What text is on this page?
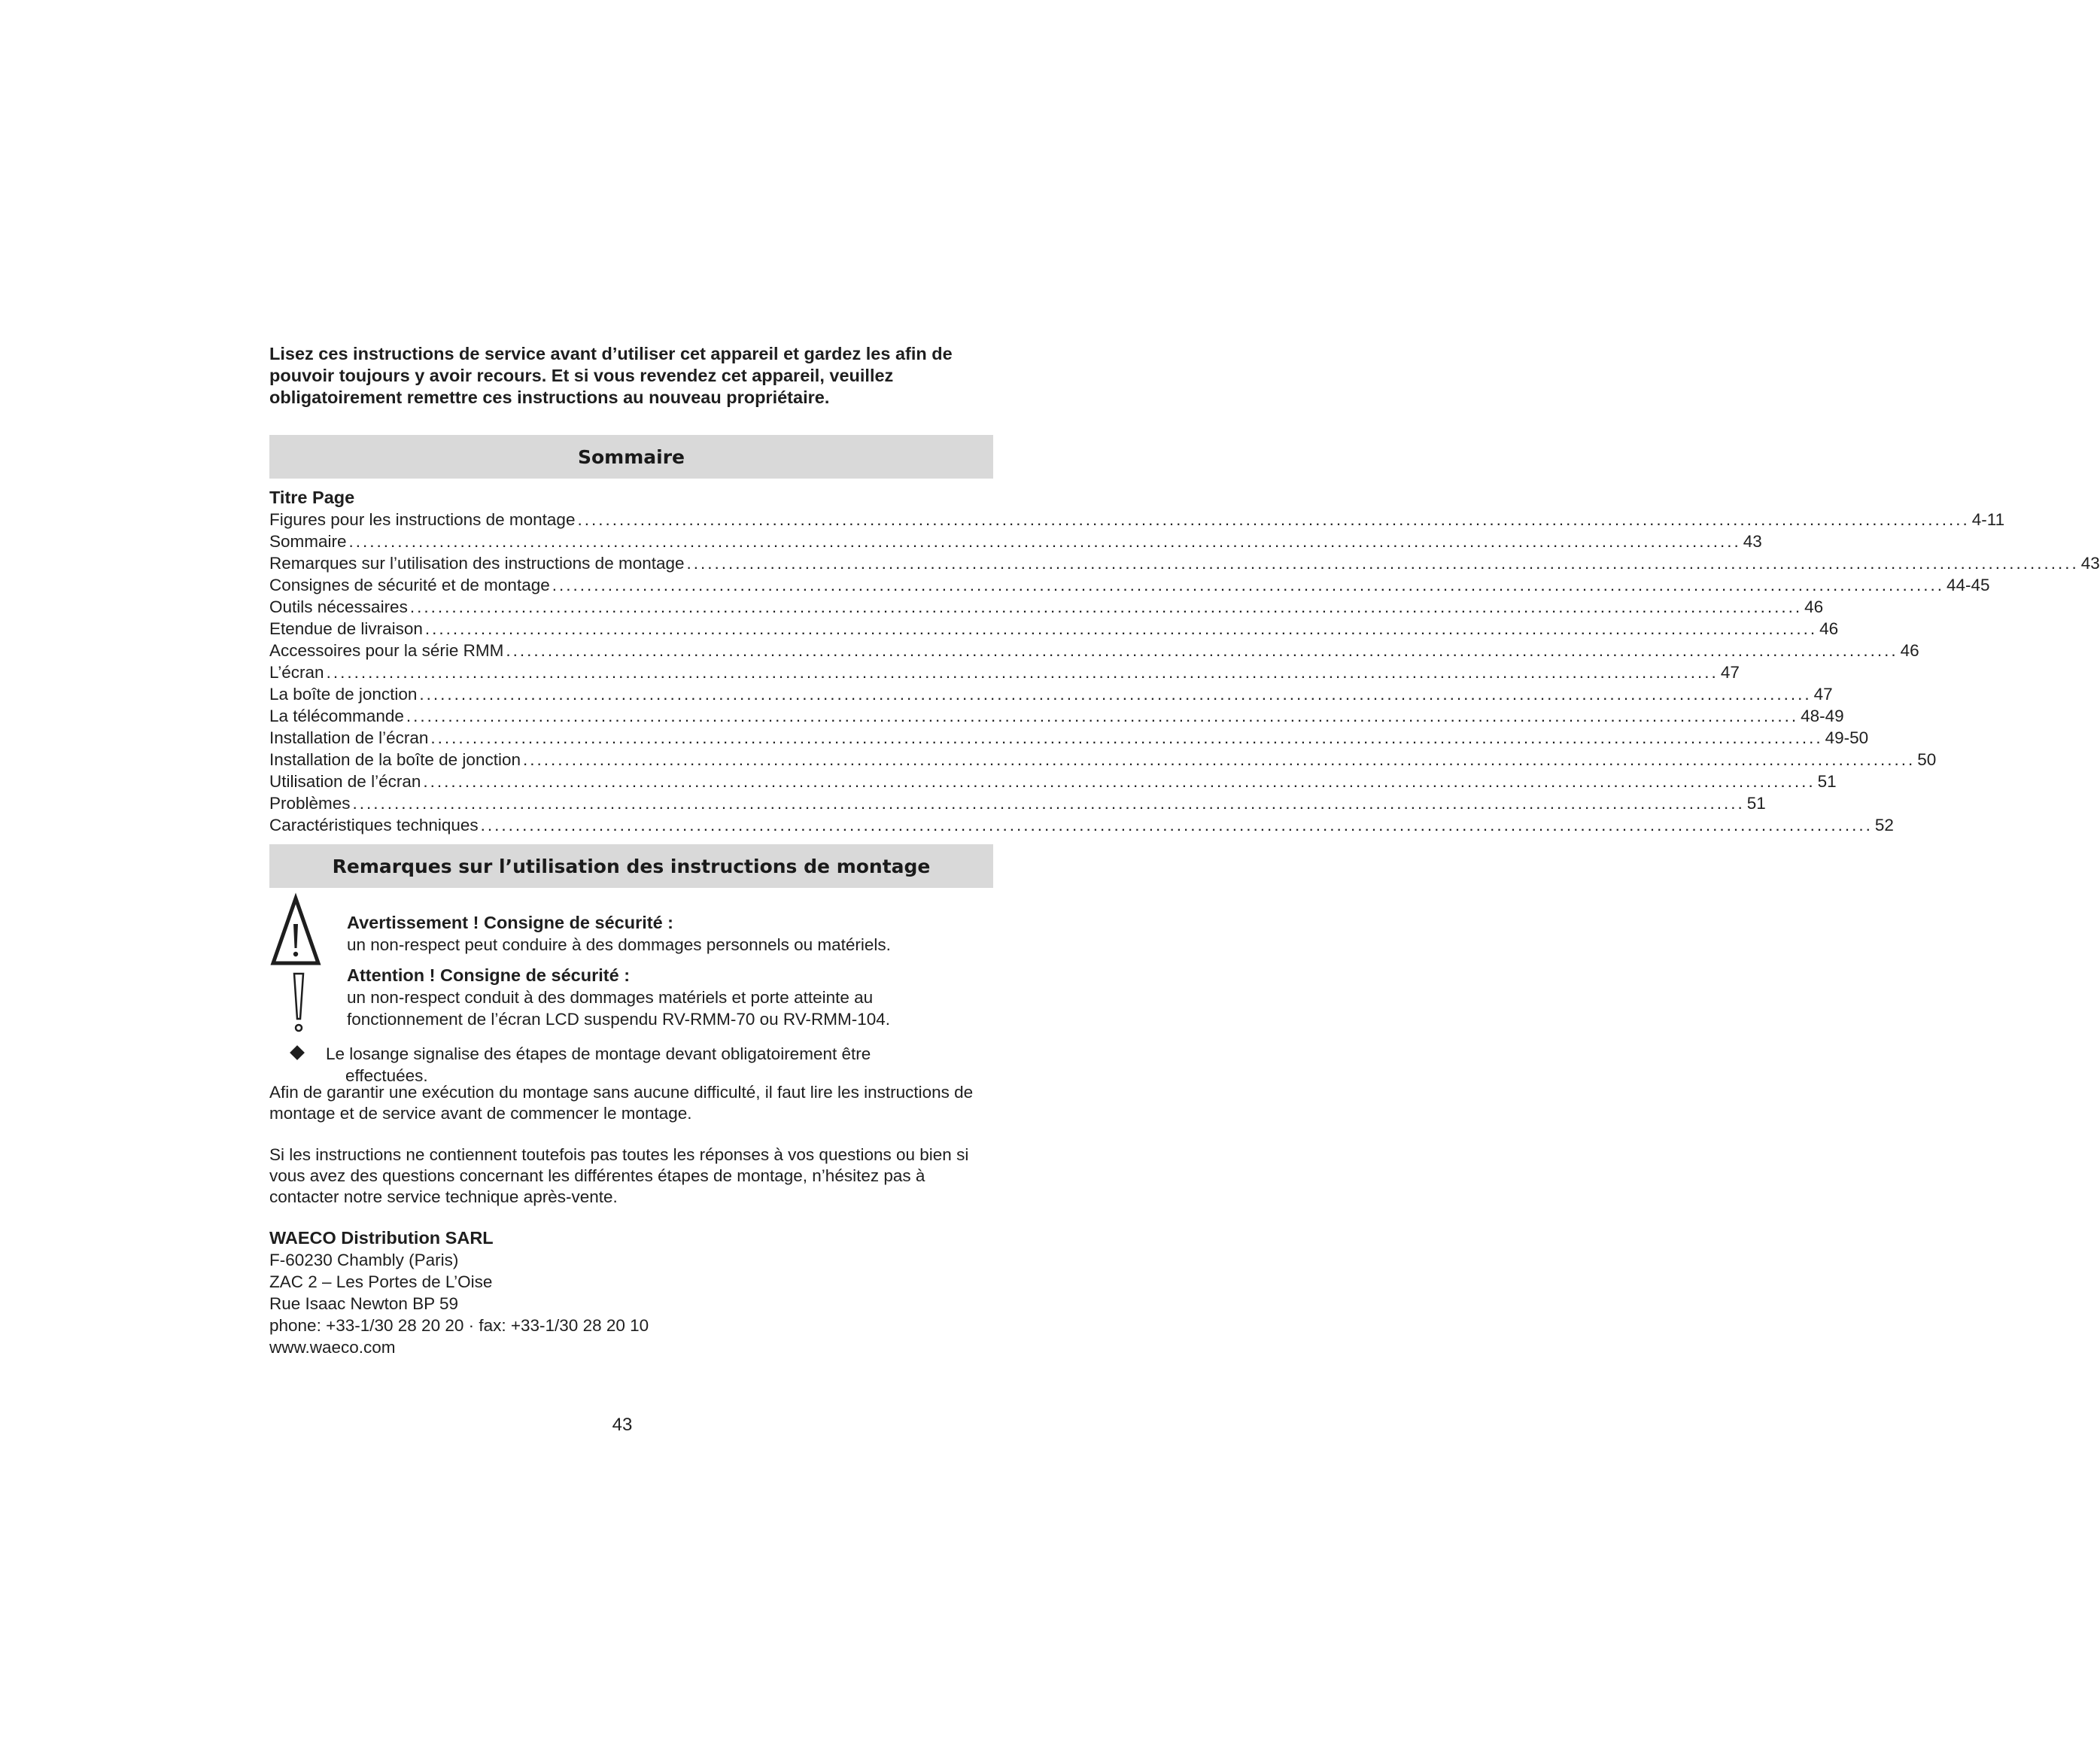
Lisez ces instructions de service avant d’utiliser cet appareil et gardez les afin de pouvoir toujours y avoir recours. Et si vous revendez cet appareil, veuillez obligatoirement remettre ces instructions au nouveau propriétaire.

Sommaire
Titre Page
Figures pour les instructions de montage ........................................................................................................................................................................................................ 4-11
Sommaire ........................................................................................................................................................................................................ 43
Remarques sur l’utilisation des instructions de montage ........................................................................................................................................................................................................ 43
Consignes de sécurité et de montage ........................................................................................................................................................................................................ 44-45
Outils nécessaires ........................................................................................................................................................................................................ 46
Etendue de livraison ........................................................................................................................................................................................................ 46
Accessoires pour la série RMM ........................................................................................................................................................................................................ 46
L’écran ........................................................................................................................................................................................................ 47
La boîte de jonction ........................................................................................................................................................................................................ 47
La télécommande ........................................................................................................................................................................................................ 48-49
Installation de l’écran ........................................................................................................................................................................................................ 49-50
Installation de la boîte de jonction ........................................................................................................................................................................................................ 50
Utilisation de l’écran ........................................................................................................................................................................................................ 51
Problèmes ........................................................................................................................................................................................................ 51
Caractéristiques techniques ........................................................................................................................................................................................................ 52
Remarques sur l’utilisation des instructions de montage
Avertissement ! Consigne de sécurité :
un non-respect peut conduire à des dommages personnels ou matériels.
Attention ! Consigne de sécurité :
un non-respect conduit à des dommages matériels et porte atteinte au
fonctionnement de l’écran LCD suspendu RV-RMM-70 ou RV-RMM-104.
Le losange signalise des étapes de montage devant obligatoirement être
effectuées.

Afin de garantir une exécution du montage sans aucune difficulté, il faut lire les instructions de montage et de service avant de commencer le montage.

Si les instructions ne contiennent toutefois pas toutes les réponses à vos questions ou bien si vous avez des questions concernant les différentes étapes de montage, n’hésitez pas à contacter notre service technique après-vente.

WAECO Distribution SARL
F-60230 Chambly (Paris)
ZAC 2 – Les Portes de L’Oise
Rue Isaac Newton BP 59
phone: +33-1/30 28 20 20 · fax: +33-1/30 28 20 10
www.waeco.com
43
